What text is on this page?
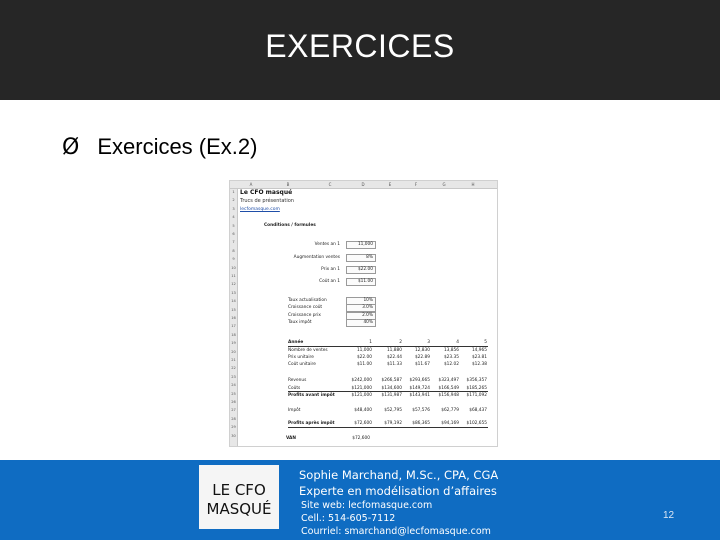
EXERCICES
Ø Exercices (Ex.2)
A	B	C	D	E	F	G	H
1
2
3
4
5
6
7
8
9
10
11
12
13
14
15
16
17
18
19
20
21
22
23
24
25
26
27
28
29
30
Le CFO masqué
Trucs de présentation
lecfomasque.com
Conditions / formules
Ventes an 1	11,000
Augmentation ventes	8%
Prix an 1	$22.00
Coût an 1	$11.00
Taux actualisation	10%
Croissance coût	3.0%
Croissance prix	2.0%
Taux impôt	40%
Année	1	2	3	4	5
Nombre de ventes	11,000	11,880	12,830	13,856	14,965
Prix unitaire	$22.00	$22.44	$22.89	$23.35	$23.81
Coût unitaire	$11.00	$11.33	$11.67	$12.02	$12.38
Revenus	$242,000	$266,587	$293,665	$323,497	$356,357
Coûts	$121,000	$134,600	$149,724	$166,549	$185,265
Profits avant impôt	$121,000	$131,987	$143,941	$156,948	$171,092
Impôt	$48,400	$52,795	$57,576	$62,779	$68,437
Profits après impôt	$72,600	$79,192	$86,365	$94,169	$102,655
VAN	$72,600
LE CFO
MASQUÉ
Sophie Marchand, M.Sc., CPA, CGA
Experte en modélisation d’affaires
Site web: lecfomasque.com
Cell.: 514-605-7112
Courriel: smarchand@lecfomasque.com
12
